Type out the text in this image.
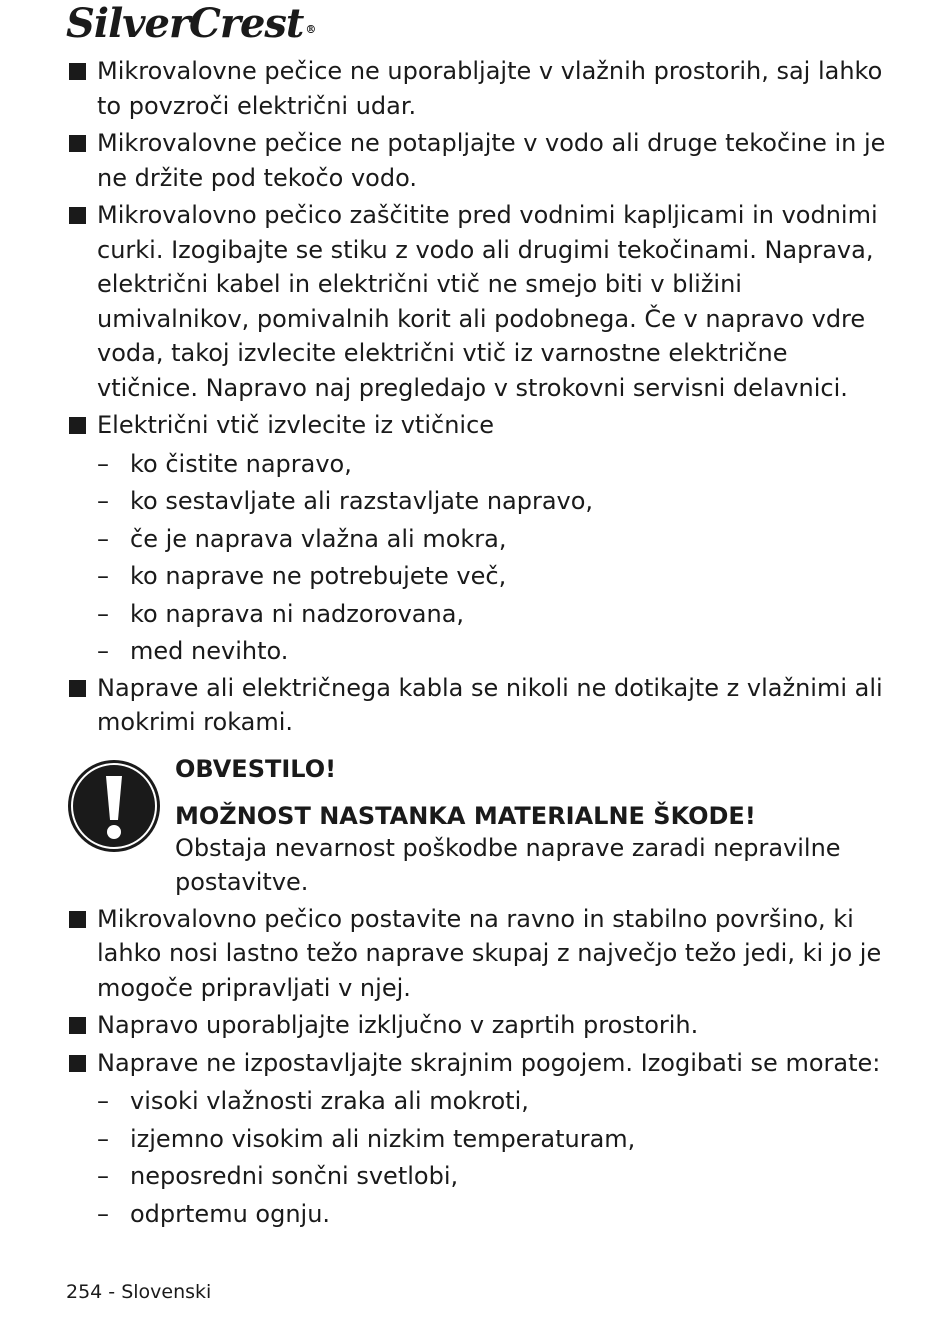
SilverCrest ®
Mikrovalovne pečice ne uporabljajte v vlažnih prostorih, saj lahko to povzroči električni udar.
Mikrovalovne pečice ne potapljajte v vodo ali druge tekočine in je ne držite pod tekočo vodo.
Mikrovalovno pečico zaščitite pred vodnimi kapljicami in vodnimi curki. Izogibajte se stiku z vodo ali drugimi tekočinami. Naprava, električni kabel in električni vtič ne smejo biti v bližini umivalnikov, pomivalnih korit ali podobnega. Če v napravo vdre voda, takoj izvlecite električni vtič iz varnostne električne vtičnice. Napravo naj pregledajo v strokovni servisni delavnici.
Električni vtič izvlecite iz vtičnice
– ko čistite napravo,
– ko sestavljate ali razstavljate napravo,
– če je naprava vlažna ali mokra,
– ko naprave ne potrebujete več,
– ko naprava ni nadzorovana,
– med nevihto.
Naprave ali električnega kabla se nikoli ne dotikajte z vlažnimi ali mokrimi rokami.
OBVESTILO!
MOŽNOST NASTANKA MATERIALNE ŠKODE!
Obstaja nevarnost poškodbe naprave zaradi nepravilne postavitve.
Mikrovalovno pečico postavite na ravno in stabilno površino, ki lahko nosi lastno težo naprave skupaj z največjo težo jedi, ki jo je mogoče pripravljati v njej.
Napravo uporabljajte izključno v zaprtih prostorih.
Naprave ne izpostavljajte skrajnim pogojem. Izogibati se morate:
– visoki vlažnosti zraka ali mokroti,
– izjemno visokim ali nizkim temperaturam,
– neposredni sončni svetlobi,
– odprtemu ognju.
254 - Slovenski
